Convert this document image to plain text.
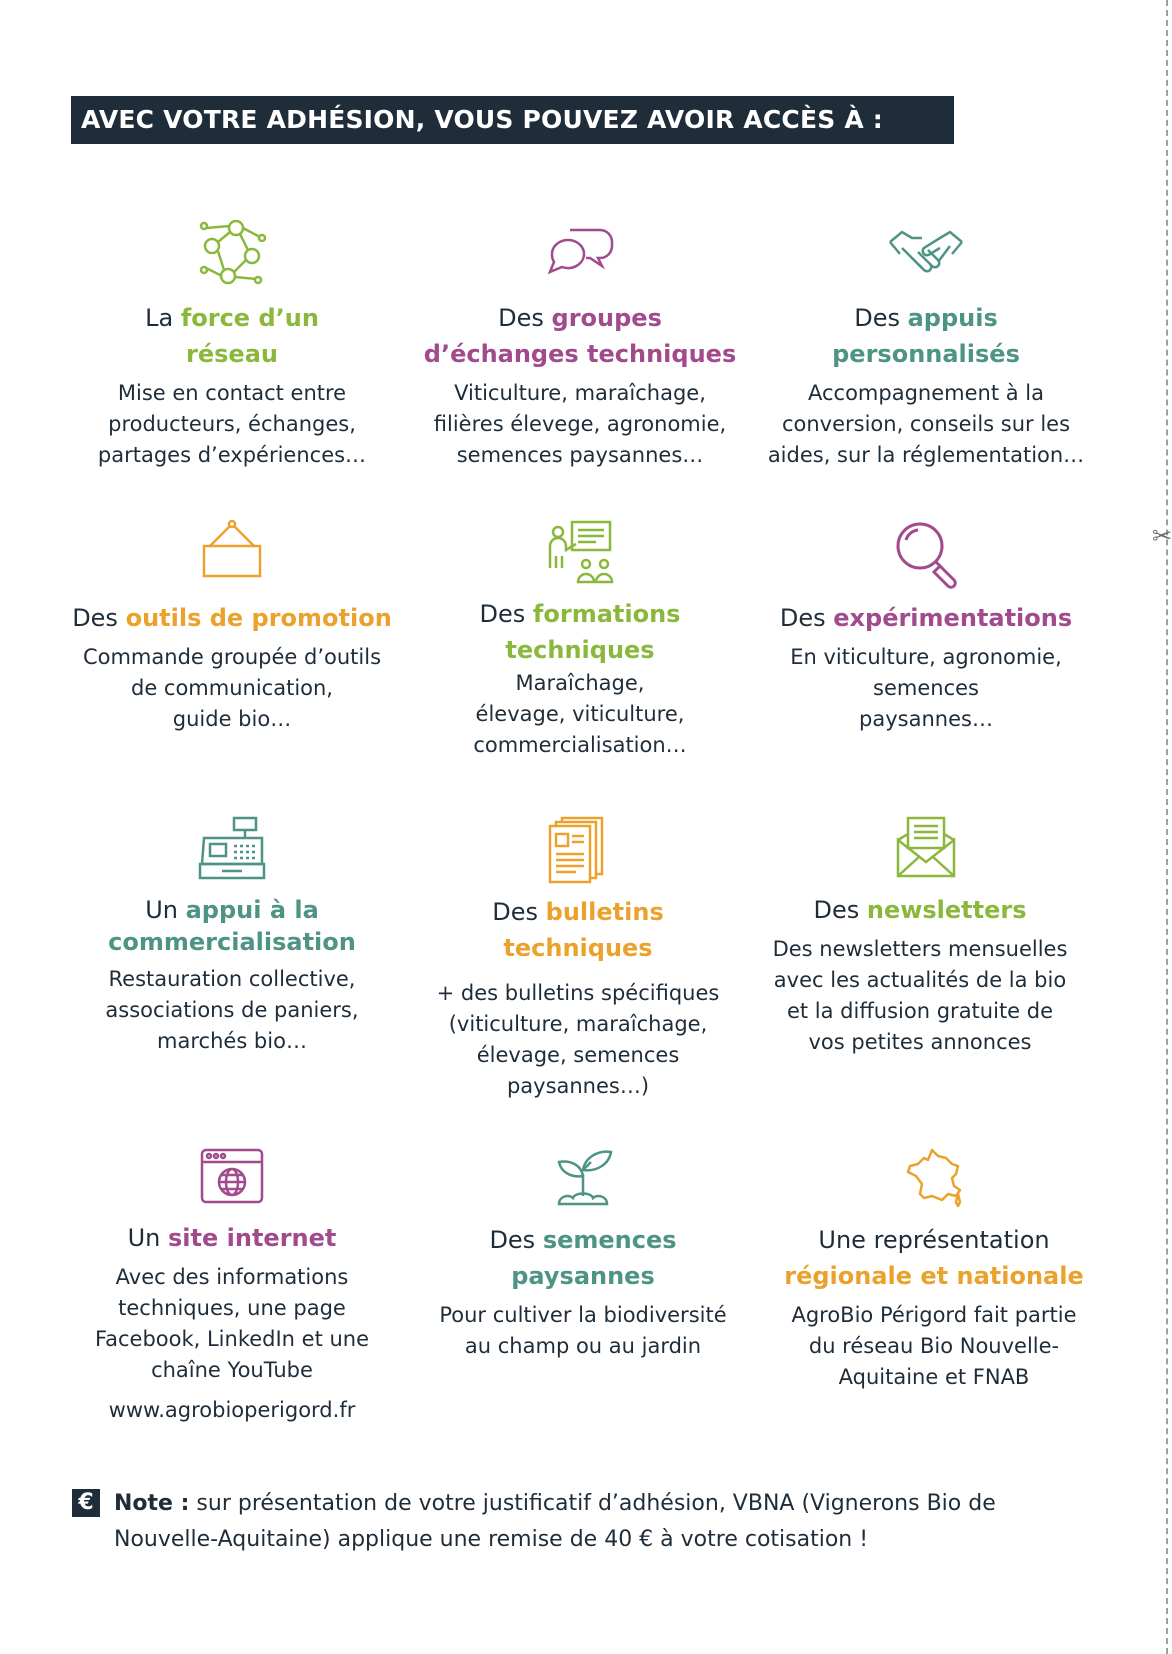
AVEC VOTRE ADHÉSION, VOUS POUVEZ AVOIR ACCÈS À :
✂
La force d’un réseau
Mise en contact entre
producteurs, échanges,
partages d’expériences…
Des groupes d’échanges techniques
Viticulture, maraîchage,
filières élevege, agronomie,
semences paysannes…
Des appuis personnalisés
Accompagnement à la
conversion, conseils sur les
aides, sur la réglementation…
Des outils de promotion
Commande groupée d’outils
de communication,
guide bio…
Des formations techniques
Maraîchage,
élevage, viticulture,
commercialisation…
Des expérimentations
En viticulture, agronomie,
semences
paysannes…
Un appui à la commercialisation
Restauration collective,
associations de paniers,
marchés bio…
Des bulletins techniques
+ des bulletins spécifiques
(viticulture, maraîchage,
élevage, semences
paysannes…)
Des newsletters
Des newsletters mensuelles
avec les actualités de la bio
et la diffusion gratuite de
vos petites annonces
Un site internet
Avec des informations
techniques, une page
Facebook, LinkedIn et une
chaîne YouTube
www.agrobioperigord.fr
Des semences paysannes
Pour cultiver la biodiversité
au champ ou au jardin
Une représentation régionale et nationale
AgroBio Périgord fait partie
du réseau Bio Nouvelle-
Aquitaine et FNAB
€ Note : sur présentation de votre justificatif d’adhésion, VBNA (Vignerons Bio de Nouvelle-Aquitaine) applique une remise de 40 € à votre cotisation !
